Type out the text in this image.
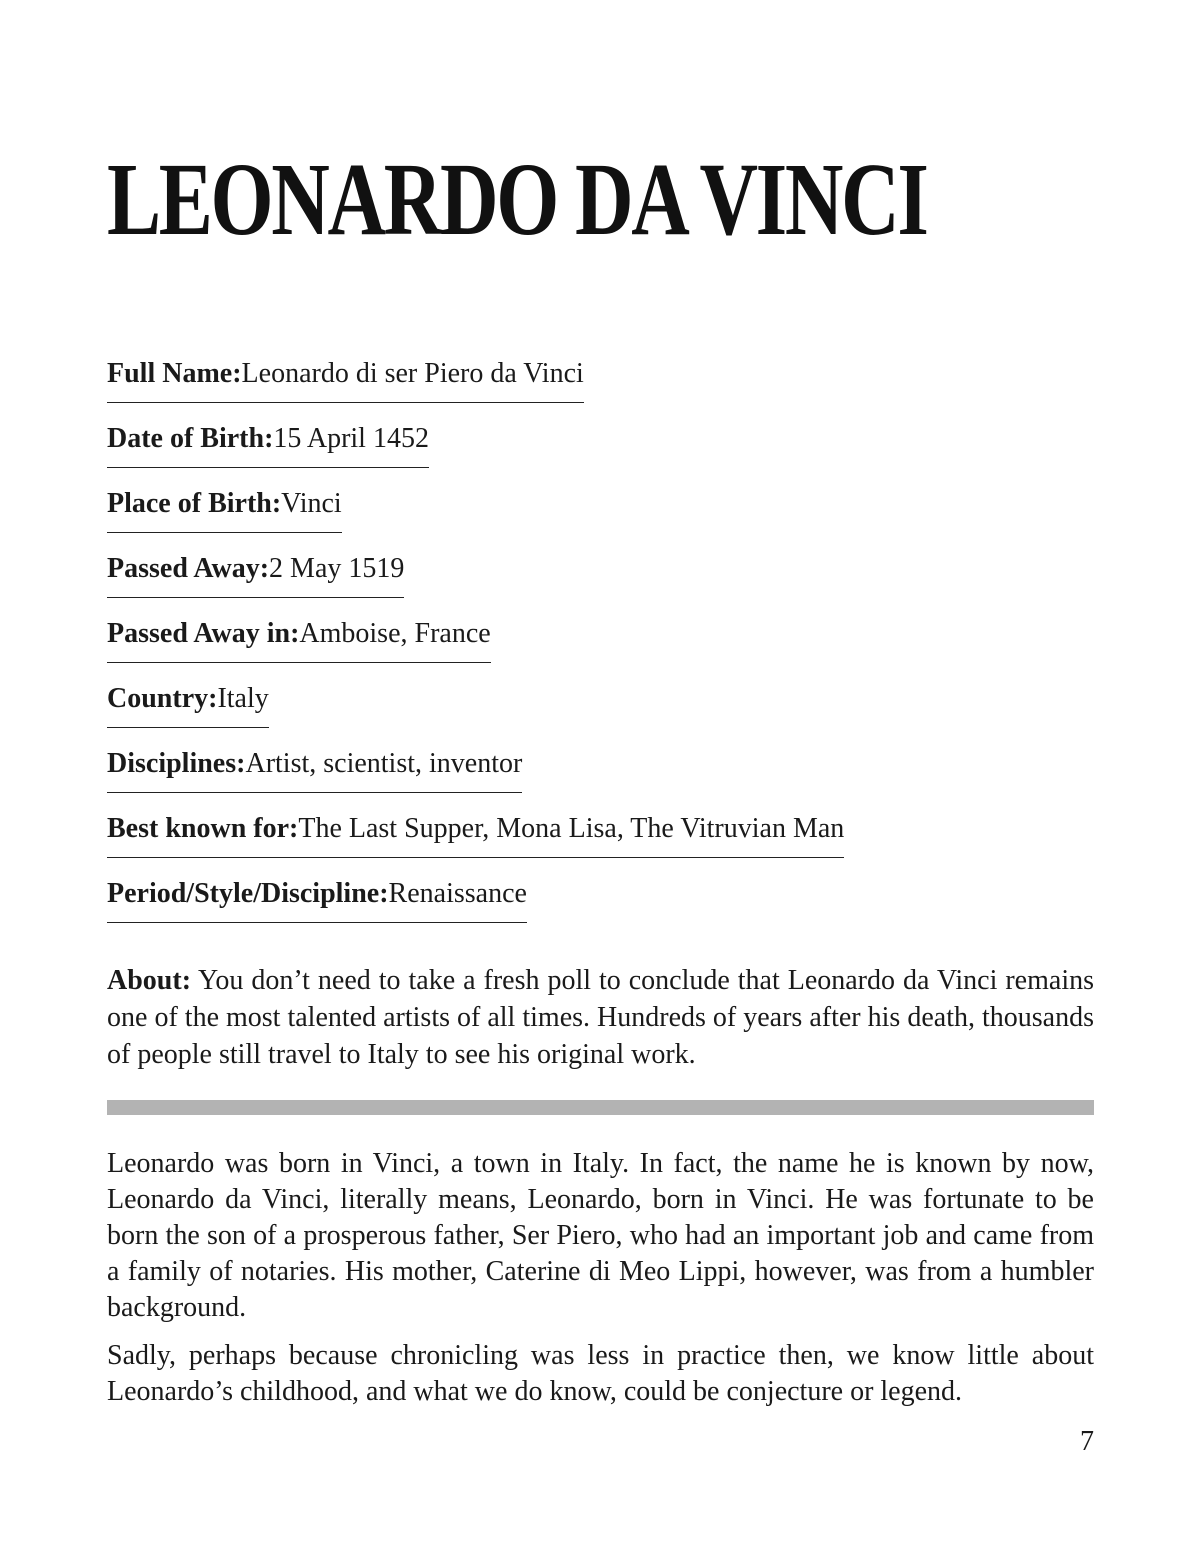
LEONARDO DA VINCI
Full Name:Leonardo di ser Piero da Vinci
Date of Birth:15 April 1452
Place of Birth:Vinci
Passed Away:2 May 1519
Passed Away in:Amboise, France
Country:Italy
Disciplines:Artist, scientist, inventor
Best known for:The Last Supper, Mona Lisa, The Vitruvian Man
Period/Style/Discipline:Renaissance

About: You don’t need to take a fresh poll to conclude that Leonardo da Vinci remains one of the most talented artists of all times. Hundreds of years after his death, thousands of people still travel to Italy to see his original work.

Leonardo was born in Vinci, a town in Italy. In fact, the name he is known by now, Leonardo da Vinci, literally means, Leonardo, born in Vinci. He was fortunate to be born the son of a prosperous father, Ser Piero, who had an important job and came from a family of notaries. His mother, Caterine di Meo Lippi, however, was from a humbler background.

Sadly, perhaps because chronicling was less in practice then, we know little about Leonardo’s childhood, and what we do know, could be conjecture or legend.

7
